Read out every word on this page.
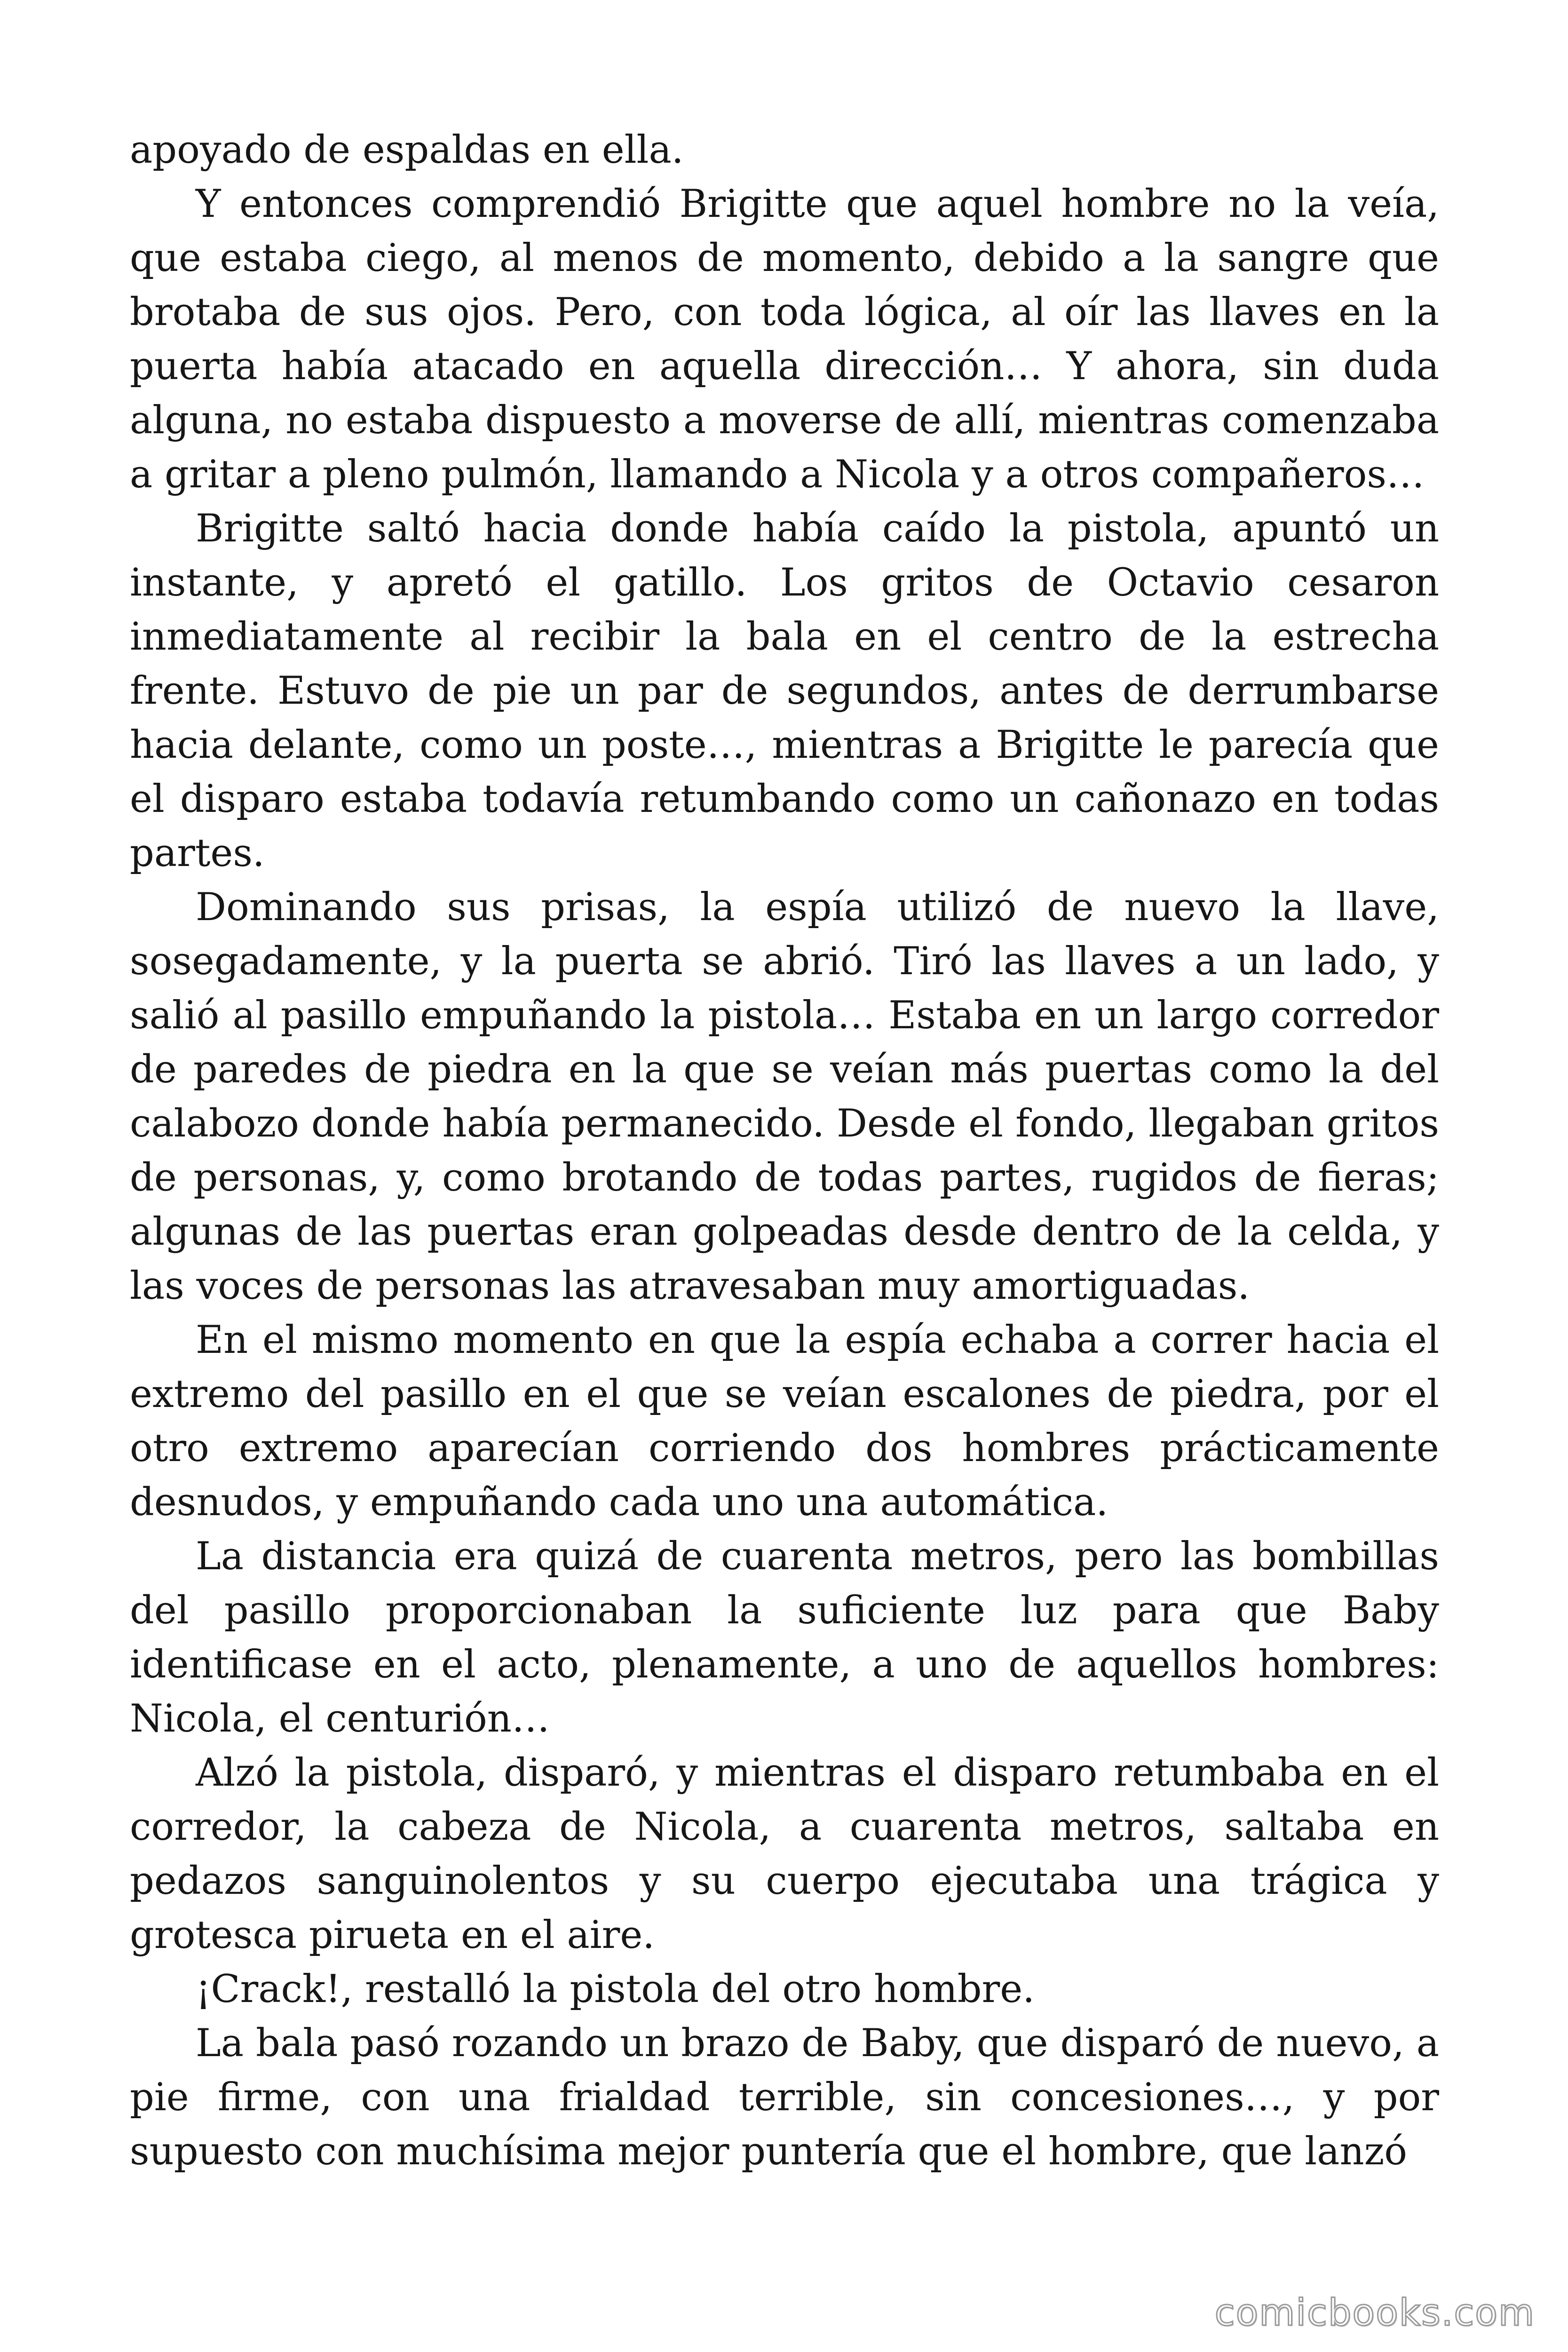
apoyado de espaldas en ella.

Y entonces comprendió Brigitte que aquel hombre no la veía, que estaba ciego, al menos de momento, debido a la sangre que brotaba de sus ojos. Pero, con toda lógica, al oír las llaves en la puerta había atacado en aquella dirección… Y ahora, sin duda alguna, no estaba dispuesto a moverse de allí, mientras comenzaba a gritar a pleno pulmón, llamando a Nicola y a otros compañeros…

Brigitte saltó hacia donde había caído la pistola, apuntó un instante, y apretó el gatillo. Los gritos de Octavio cesaron inmediatamente al recibir la bala en el centro de la estrecha frente. Estuvo de pie un par de segundos, antes de derrumbarse hacia delante, como un poste…, mientras a Brigitte le parecía que el disparo estaba todavía retumbando como un cañonazo en todas partes.

Dominando sus prisas, la espía utilizó de nuevo la llave, sosegadamente, y la puerta se abrió. Tiró las llaves a un lado, y salió al pasillo empuñando la pistola… Estaba en un largo corredor de paredes de piedra en la que se veían más puertas como la del calabozo donde había permanecido. Desde el fondo, llegaban gritos de personas, y, como brotando de todas partes, rugidos de fieras; algunas de las puertas eran golpeadas desde dentro de la celda, y las voces de personas las atravesaban muy amortiguadas.

En el mismo momento en que la espía echaba a correr hacia el extremo del pasillo en el que se veían escalones de piedra, por el otro extremo aparecían corriendo dos hombres prácticamente desnudos, y empuñando cada uno una automática.

La distancia era quizá de cuarenta metros, pero las bombillas del pasillo proporcionaban la suficiente luz para que Baby identificase en el acto, plenamente, a uno de aquellos hombres: Nicola, el centurión…

Alzó la pistola, disparó, y mientras el disparo retumbaba en el corredor, la cabeza de Nicola, a cuarenta metros, saltaba en pedazos sanguinolentos y su cuerpo ejecutaba una trágica y grotesca pirueta en el aire.

¡Crack!, restalló la pistola del otro hombre.

La bala pasó rozando un brazo de Baby, que disparó de nuevo, a pie firme, con una frialdad terrible, sin concesiones…, y por supuesto con muchísima mejor puntería que el hombre, que lanzó

comicbooks.com
